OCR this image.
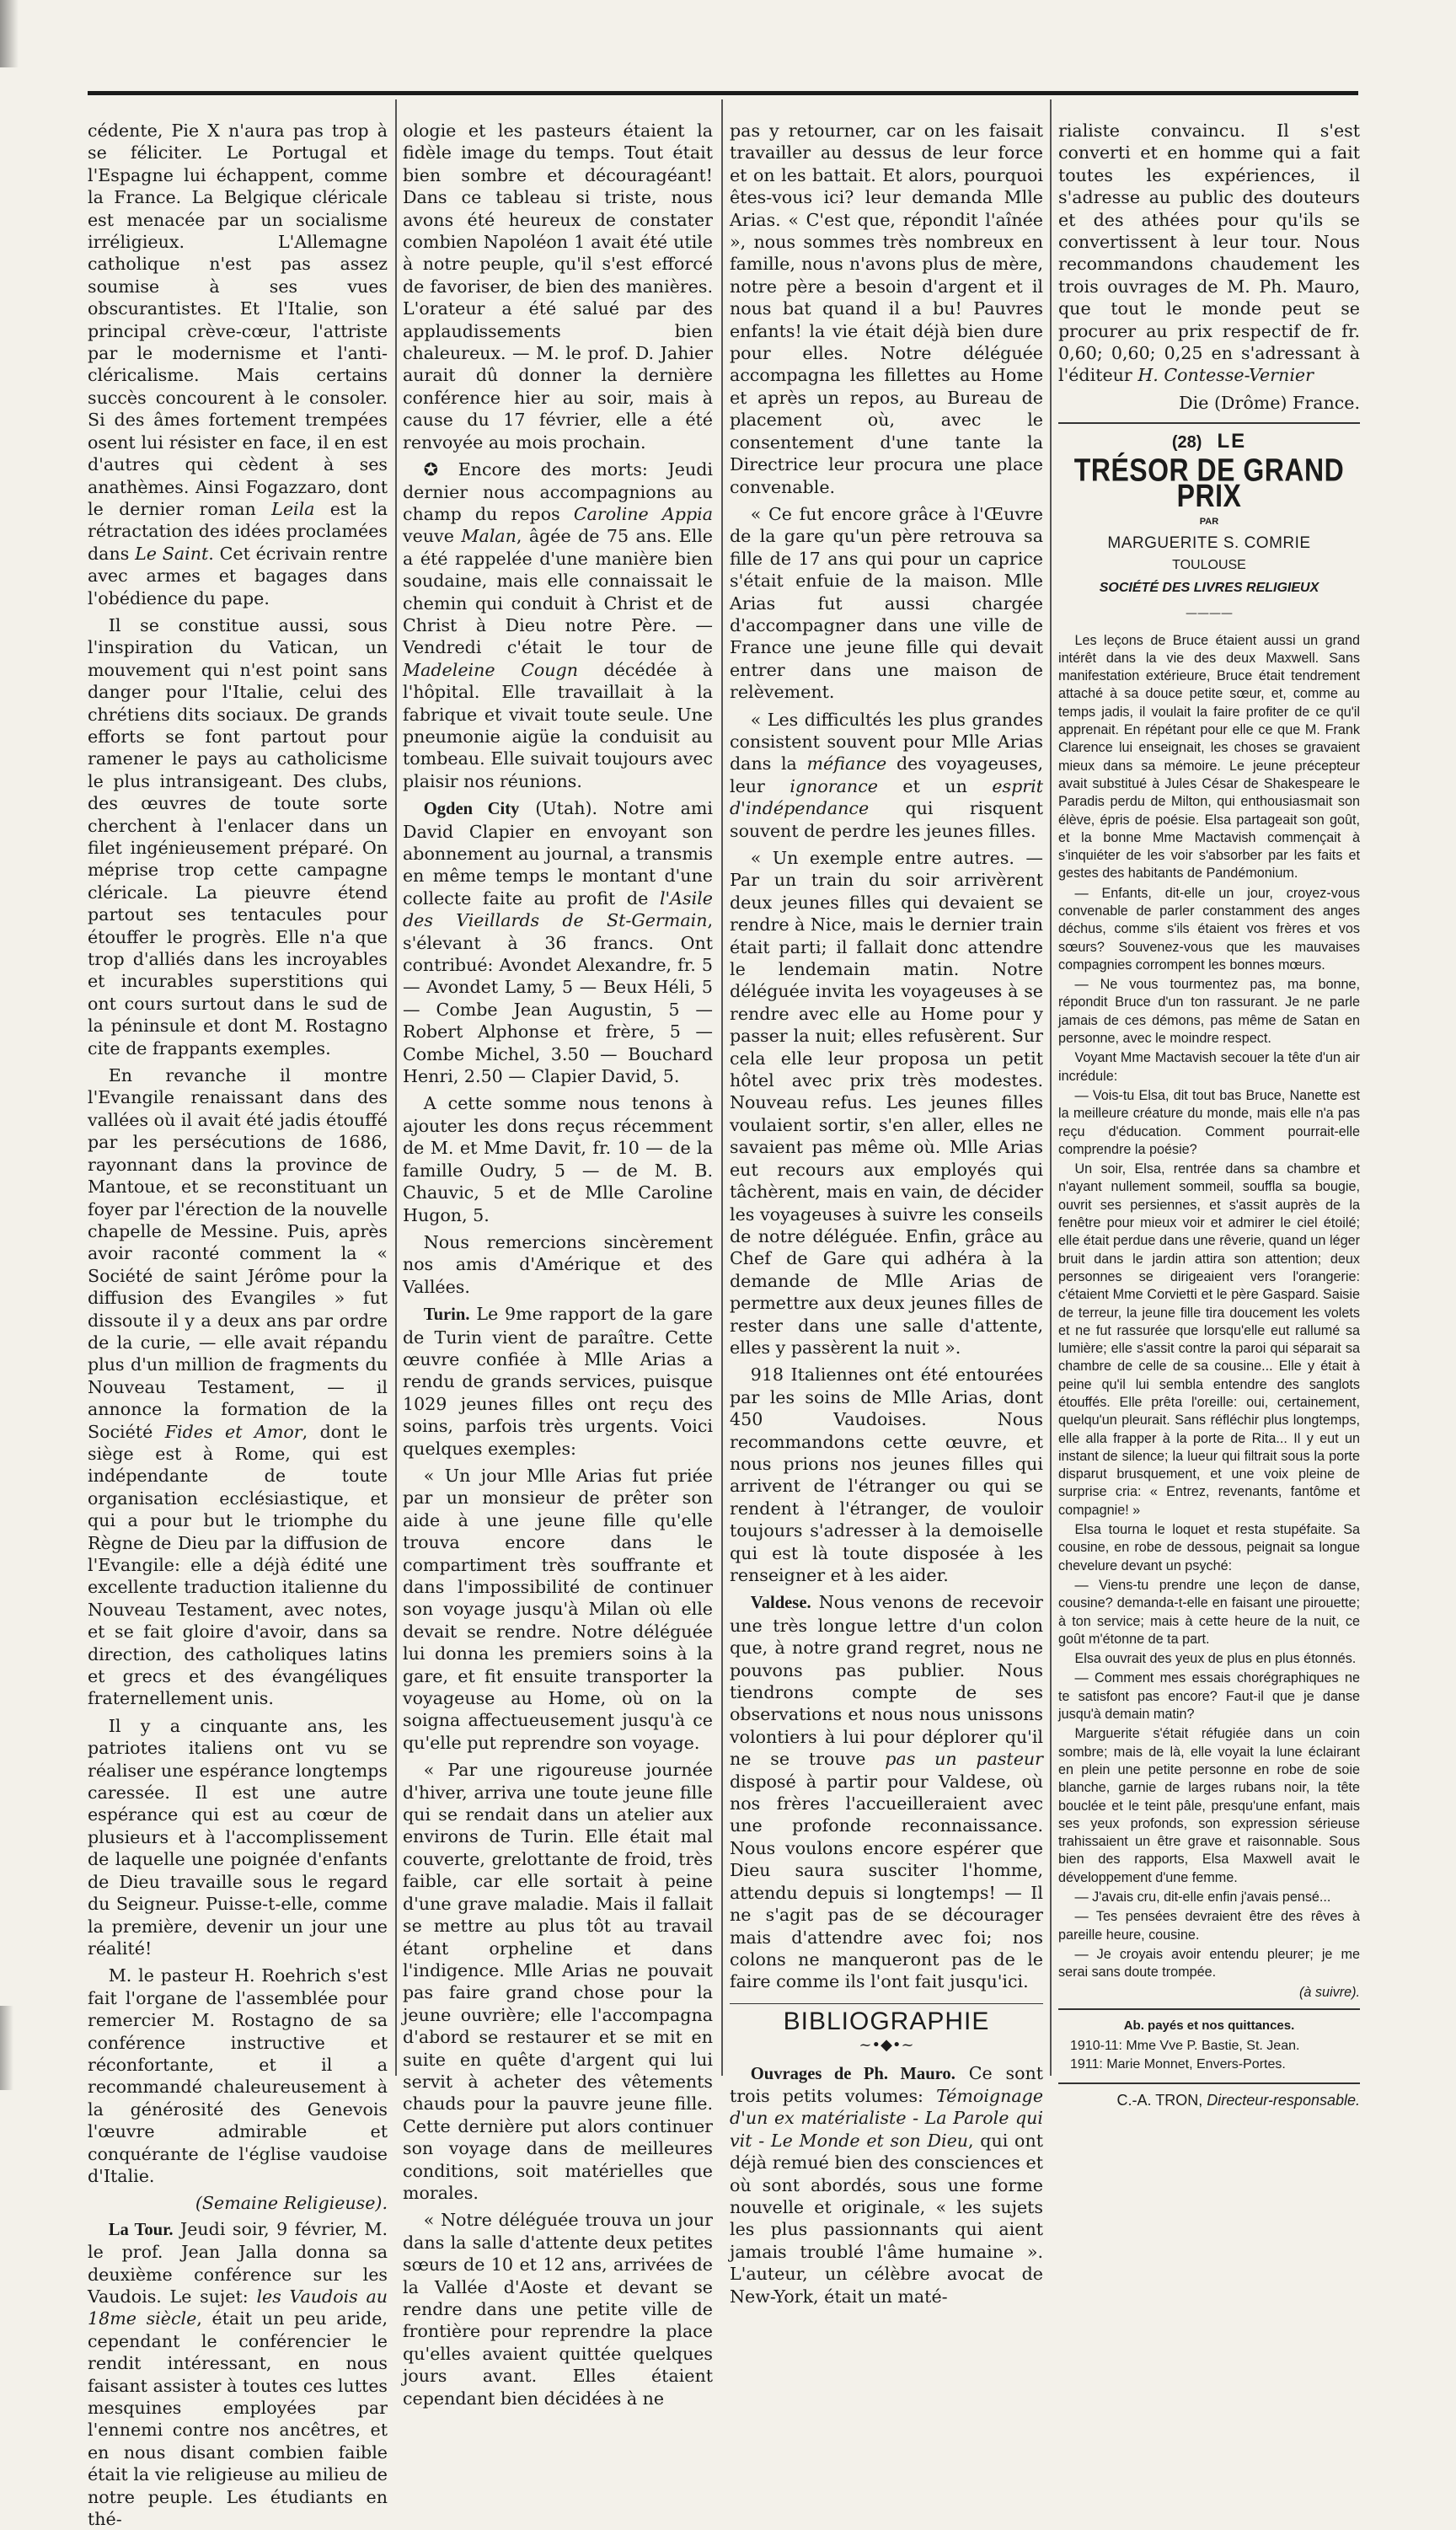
cédente, Pie X n'aura pas trop à se féliciter. Le Portugal et l'Espagne lui échappent, comme la France. La Belgique cléricale est menacée par un socialisme irréligieux. L'Allemagne catholique n'est pas assez soumise à ses vues obscurantistes. Et l'Italie, son principal crève-cœur, l'attriste par le modernisme et l'anti-cléricalisme. Mais certains succès concourent à le consoler. Si des âmes fortement trempées osent lui résister en face, il en est d'autres qui cèdent à ses anathèmes. Ainsi Fogazzaro, dont le dernier roman Leila est la rétractation des idées proclamées dans Le Saint. Cet écrivain rentre avec armes et bagages dans l'obédience du pape.

Il se constitue aussi, sous l'inspiration du Vatican, un mouvement qui n'est point sans danger pour l'Italie, celui des chrétiens dits sociaux. De grands efforts se font partout pour ramener le pays au catholicisme le plus intransigeant. Des clubs, des œuvres de toute sorte cherchent à l'enlacer dans un filet ingénieusement préparé. On méprise trop cette campagne cléricale. La pieuvre étend partout ses tentacules pour étouffer le progrès. Elle n'a que trop d'alliés dans les incroyables et incurables superstitions qui ont cours surtout dans le sud de la péninsule et dont M. Rostagno cite de frappants exemples.

En revanche il montre l'Evangile renaissant dans des vallées où il avait été jadis étouffé par les persécutions de 1686, rayonnant dans la province de Mantoue, et se reconstituant un foyer par l'érection de la nouvelle chapelle de Messine. Puis, après avoir raconté comment la « Société de saint Jérôme pour la diffusion des Evangiles » fut dissoute il y a deux ans par ordre de la curie, — elle avait répandu plus d'un million de fragments du Nouveau Testament, — il annonce la formation de la Société Fides et Amor, dont le siège est à Rome, qui est indépendante de toute organisation ecclésiastique, et qui a pour but le triomphe du Règne de Dieu par la diffusion de l'Evangile: elle a déjà édité une excellente traduction italienne du Nouveau Testament, avec notes, et se fait gloire d'avoir, dans sa direction, des catholiques latins et grecs et des évangéliques fraternellement unis.

Il y a cinquante ans, les patriotes italiens ont vu se réaliser une espérance longtemps caressée. Il est une autre espérance qui est au cœur de plusieurs et à l'accomplissement de laquelle une poignée d'enfants de Dieu travaille sous le regard du Seigneur. Puisse-t-elle, comme la première, devenir un jour une réalité!

M. le pasteur H. Roehrich s'est fait l'organe de l'assemblée pour remercier M. Rostagno de sa conférence instructive et réconfortante, et il a recommandé chaleureusement à la générosité des Genevois l'œuvre admirable et conquérante de l'église vaudoise d'Italie.

(Semaine Religieuse).

La Tour. Jeudi soir, 9 février, M. le prof. Jean Jalla donna sa deuxième conférence sur les Vaudois. Le sujet: les Vaudois au 18me siècle, était un peu aride, cependant le conférencier le rendit intéressant, en nous faisant assister à toutes ces luttes mesquines employées par l'ennemi contre nos ancêtres, et en nous disant combien faible était la vie religieuse au milieu de notre peuple. Les étudiants en thé-

ologie et les pasteurs étaient la fidèle image du temps. Tout était bien sombre et découragéant! Dans ce tableau si triste, nous avons été heureux de constater combien Napoléon 1 avait été utile à notre peuple, qu'il s'est efforcé de favoriser, de bien des manières. L'orateur a été salué par des applaudissements bien chaleureux. — M. le prof. D. Jahier aurait dû donner la dernière conférence hier au soir, mais à cause du 17 février, elle a été renvoyée au mois prochain.

✪ Encore des morts: Jeudi dernier nous accompagnions au champ du repos Caroline Appia veuve Malan, âgée de 75 ans. Elle a été rappelée d'une manière bien soudaine, mais elle connaissait le chemin qui conduit à Christ et de Christ à Dieu notre Père. — Vendredi c'était le tour de Madeleine Cougn décédée à l'hôpital. Elle travaillait à la fabrique et vivait toute seule. Une pneumonie aigüe la conduisit au tombeau. Elle suivait toujours avec plaisir nos réunions.

Ogden City (Utah). Notre ami David Clapier en envoyant son abonnement au journal, a transmis en même temps le montant d'une collecte faite au profit de l'Asile des Vieillards de St-Germain, s'élevant à 36 francs. Ont contribué: Avondet Alexandre, fr. 5 — Avondet Lamy, 5 — Beux Héli, 5 — Combe Jean Augustin, 5 — Robert Alphonse et frère, 5 — Combe Michel, 3.50 — Bouchard Henri, 2.50 — Clapier David, 5.

A cette somme nous tenons à ajouter les dons reçus récemment de M. et Mme Davit, fr. 10 — de la famille Oudry, 5 — de M. B. Chauvic, 5 et de Mlle Caroline Hugon, 5.

Nous remercions sincèrement nos amis d'Amérique et des Vallées.

Turin. Le 9me rapport de la gare de Turin vient de paraître. Cette œuvre confiée à Mlle Arias a rendu de grands services, puisque 1029 jeunes filles ont reçu des soins, parfois très urgents. Voici quelques exemples:

« Un jour Mlle Arias fut priée par un monsieur de prêter son aide à une jeune fille qu'elle trouva encore dans le compartiment très souffrante et dans l'impossibilité de continuer son voyage jusqu'à Milan où elle devait se rendre. Notre déléguée lui donna les premiers soins à la gare, et fit ensuite transporter la voyageuse au Home, où on la soigna affectueusement jusqu'à ce qu'elle put reprendre son voyage.

« Par une rigoureuse journée d'hiver, arriva une toute jeune fille qui se rendait dans un atelier aux environs de Turin. Elle était mal couverte, grelottante de froid, très faible, car elle sortait à peine d'une grave maladie. Mais il fallait se mettre au plus tôt au travail étant orpheline et dans l'indigence. Mlle Arias ne pouvait pas faire grand chose pour la jeune ouvrière; elle l'accompagna d'abord se restaurer et se mit en suite en quête d'argent qui lui servit à acheter des vêtements chauds pour la pauvre jeune fille. Cette dernière put alors continuer son voyage dans de meilleures conditions, soit matérielles que morales.

« Notre déléguée trouva un jour dans la salle d'attente deux petites sœurs de 10 et 12 ans, arrivées de la Vallée d'Aoste et devant se rendre dans une petite ville de frontière pour reprendre la place qu'elles avaient quittée quelques jours avant. Elles étaient cependant bien décidées à ne

pas y retourner, car on les faisait travailler au dessus de leur force et on les battait. Et alors, pourquoi êtes-vous ici? leur demanda Mlle Arias. « C'est que, répondit l'aînée », nous sommes très nombreux en famille, nous n'avons plus de mère, notre père a besoin d'argent et il nous bat quand il a bu! Pauvres enfants! la vie était déjà bien dure pour elles. Notre déléguée accompagna les fillettes au Home et après un repos, au Bureau de placement où, avec le consentement d'une tante la Directrice leur procura une place convenable.

« Ce fut encore grâce à l'Œuvre de la gare qu'un père retrouva sa fille de 17 ans qui pour un caprice s'était enfuie de la maison. Mlle Arias fut aussi chargée d'accompagner dans une ville de France une jeune fille qui devait entrer dans une maison de relèvement.

« Les difficultés les plus grandes consistent souvent pour Mlle Arias dans la méfiance des voyageuses, leur ignorance et un esprit d'indépendance qui risquent souvent de perdre les jeunes filles.

« Un exemple entre autres. — Par un train du soir arrivèrent deux jeunes filles qui devaient se rendre à Nice, mais le dernier train était parti; il fallait donc attendre le lendemain matin. Notre déléguée invita les voyageuses à se rendre avec elle au Home pour y passer la nuit; elles refusèrent. Sur cela elle leur proposa un petit hôtel avec prix très modestes. Nouveau refus. Les jeunes filles voulaient sortir, s'en aller, elles ne savaient pas même où. Mlle Arias eut recours aux employés qui tâchèrent, mais en vain, de décider les voyageuses à suivre les conseils de notre déléguée. Enfin, grâce au Chef de Gare qui adhéra à la demande de Mlle Arias de permettre aux deux jeunes filles de rester dans une salle d'attente, elles y passèrent la nuit ».

918 Italiennes ont été entourées par les soins de Mlle Arias, dont 450 Vaudoises. Nous recommandons cette œuvre, et nous prions nos jeunes filles qui arrivent de l'étranger ou qui se rendent à l'étranger, de vouloir toujours s'adresser à la demoiselle qui est là toute disposée à les renseigner et à les aider.

Valdese. Nous venons de recevoir une très longue lettre d'un colon que, à notre grand regret, nous ne pouvons pas publier. Nous tiendrons compte de ses observations et nous nous unissons volontiers à lui pour déplorer qu'il ne se trouve pas un pasteur disposé à partir pour Valdese, où nos frères l'accueilleraient avec une profonde reconnaissance. Nous voulons encore espérer que Dieu saura susciter l'homme, attendu depuis si longtemps! — Il ne s'agit pas de se décourager mais d'attendre avec foi; nos colons ne manqueront pas de le faire comme ils l'ont fait jusqu'ici.

BIBLIOGRAPHIE
~•◆•~

Ouvrages de Ph. Mauro. Ce sont trois petits volumes: Témoignage d'un ex matérialiste - La Parole qui vit - Le Monde et son Dieu, qui ont déjà remué bien des consciences et où sont abordés, sous une forme nouvelle et originale, « les sujets les plus passionnants qui aient jamais troublé l'âme humaine ». L'auteur, un célèbre avocat de New-York, était un maté-

rialiste convaincu. Il s'est converti et en homme qui a fait toutes les expériences, il s'adresse au public des douteurs et des athées pour qu'ils se convertissent à leur tour. Nous recommandons chaudement les trois ouvrages de M. Ph. Mauro, que tout le monde peut se procurer au prix respectif de fr. 0,60; 0,60; 0,25 en s'adressant à l'éditeur H. Contesse-Vernier

Die (Drôme) France.
(28) LE
TRÉSOR DE GRAND PRIX
PAR
MARGUERITE S. COMRIE
TOULOUSE
SOCIÉTÉ DES LIVRES RELIGIEUX
————

Les leçons de Bruce étaient aussi un grand intérêt dans la vie des deux Maxwell. Sans manifestation extérieure, Bruce était tendrement attaché à sa douce petite sœur, et, comme au temps jadis, il voulait la faire profiter de ce qu'il apprenait. En répétant pour elle ce que M. Frank Clarence lui enseignait, les choses se gravaient mieux dans sa mémoire. Le jeune précepteur avait substitué à Jules César de Shakespeare le Paradis perdu de Milton, qui enthousiasmait son élève, épris de poésie. Elsa partageait son goût, et la bonne Mme Mactavish commençait à s'inquiéter de les voir s'absorber par les faits et gestes des habitants de Pandémonium.

— Enfants, dit-elle un jour, croyez-vous convenable de parler constamment des anges déchus, comme s'ils étaient vos frères et vos sœurs? Souvenez-vous que les mauvaises compagnies corrompent les bonnes mœurs.

— Ne vous tourmentez pas, ma bonne, répondit Bruce d'un ton rassurant. Je ne parle jamais de ces démons, pas même de Satan en personne, avec le moindre respect.

Voyant Mme Mactavish secouer la tête d'un air incrédule:

— Vois-tu Elsa, dit tout bas Bruce, Nanette est la meilleure créature du monde, mais elle n'a pas reçu d'éducation. Comment pourrait-elle comprendre la poésie?

Un soir, Elsa, rentrée dans sa chambre et n'ayant nullement sommeil, souffla sa bougie, ouvrit ses persiennes, et s'assit auprès de la fenêtre pour mieux voir et admirer le ciel étoilé; elle était perdue dans une rêverie, quand un léger bruit dans le jardin attira son attention; deux personnes se dirigeaient vers l'orangerie: c'étaient Mme Corvietti et le père Gaspard. Saisie de terreur, la jeune fille tira doucement les volets et ne fut rassurée que lorsqu'elle eut rallumé sa lumière; elle s'assit contre la paroi qui séparait sa chambre de celle de sa cousine... Elle y était à peine qu'il lui sembla entendre des sanglots étouffés. Elle prêta l'oreille: oui, certainement, quelqu'un pleurait. Sans réfléchir plus longtemps, elle alla frapper à la porte de Rita... Il y eut un instant de silence; la lueur qui filtrait sous la porte disparut brusquement, et une voix pleine de surprise cria: « Entrez, revenants, fantôme et compagnie! »

Elsa tourna le loquet et resta stupéfaite. Sa cousine, en robe de dessous, peignait sa longue chevelure devant un psyché:

— Viens-tu prendre une leçon de danse, cousine? demanda-t-elle en faisant une pirouette; à ton service; mais à cette heure de la nuit, ce goût m'étonne de ta part.

Elsa ouvrait des yeux de plus en plus étonnés.

— Comment mes essais chorégraphiques ne te satisfont pas encore? Faut-il que je danse jusqu'à demain matin?

Marguerite s'était réfugiée dans un coin sombre; mais de là, elle voyait la lune éclairant en plein une petite personne en robe de soie blanche, garnie de larges rubans noir, la tête bouclée et le teint pâle, presqu'une enfant, mais ses yeux profonds, son expression sérieuse trahissaient un être grave et raisonnable. Sous bien des rapports, Elsa Maxwell avait le développement d'une femme.

— J'avais cru, dit-elle enfin j'avais pensé...

— Tes pensées devraient être des rêves à pareille heure, cousine.

— Je croyais avoir entendu pleurer; je me serai sans doute trompée.

(à suivre).
Ab. payés et nos quittances.
1910-11: Mme Vve P. Bastie, St. Jean.
1911: Marie Monnet, Envers-Portes.
C.-A. TRON, Directeur-responsable.
